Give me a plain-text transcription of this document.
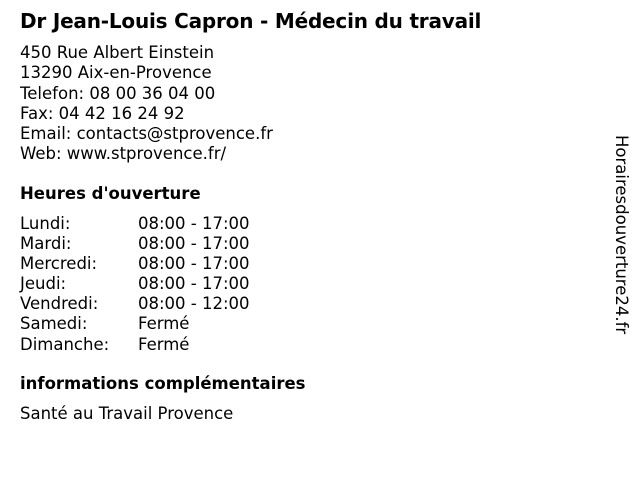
Dr Jean-Louis Capron - Médecin du travail
450 Rue Albert Einstein
13290 Aix-en-Provence
Telefon: 08 00 36 04 00
Fax: 04 42 16 24 92
Email: contacts@stprovence.fr
Web: www.stprovence.fr/
Heures d'ouverture
Lundi:	08:00 - 17:00
Mardi:	08:00 - 17:00
Mercredi: 08:00 - 17:00
Jeudi:	08:00 - 17:00
Vendredi: 08:00 - 12:00
Samedi:	Fermé
Dimanche: Fermé
informations complémentaires
Santé au Travail Provence
Horairesdouverture24.fr
